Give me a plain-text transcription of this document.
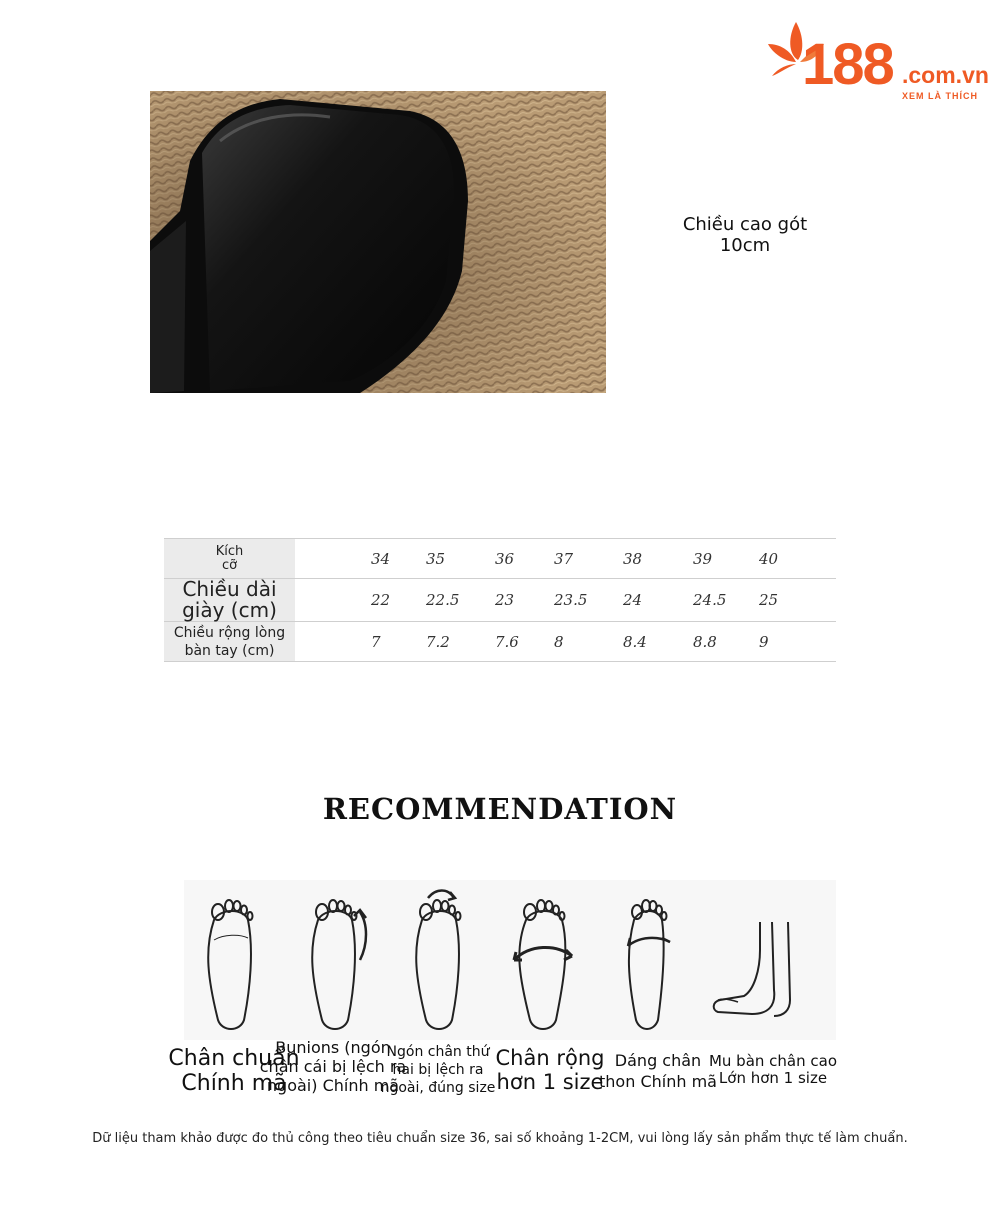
188 .com.vn
XEM LÀ THÍCH
Chiều cao gót
10cm
Kích
cỡ		34	35	36	37	38	39	40
Chiều dài
giày (cm)		22	22.5	23	23.5	24	24.5	25
Chiều rộng lòng
bàn tay (cm)		7	7.2	7.6	8	8.4	8.8	9
RECOMMENDATION
Chân chuẩn
Chính mã
Bunions (ngón
chân cái bị lệch ra
ngoài) Chính mã
Ngón chân thứ
hai bị lệch ra
ngoài, đúng size
Chân rộng
hơn 1 size
Dáng chân
thon Chính mã
Mu bàn chân cao
Lớn hơn 1 size
Dữ liệu tham khảo được đo thủ công theo tiêu chuẩn size 36, sai số khoảng 1-2CM, vui lòng lấy sản phẩm thực tế làm chuẩn.
